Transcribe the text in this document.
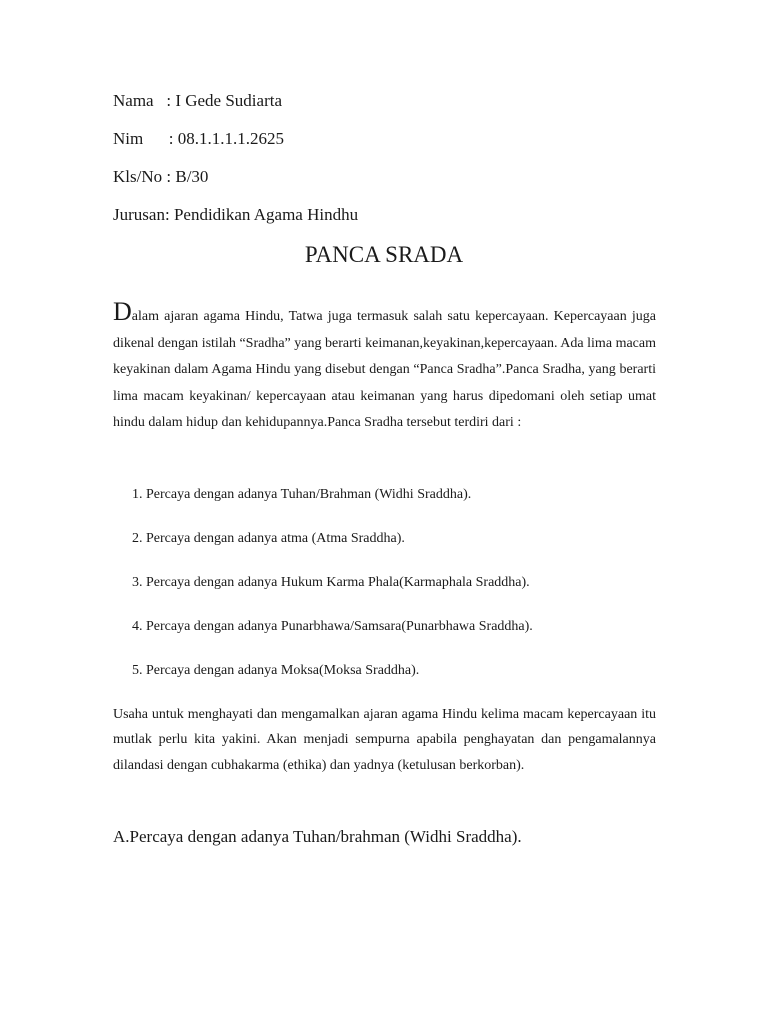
Nama   : I Gede Sudiarta
Nim      : 08.1.1.1.1.2625
Kls/No : B/30
Jurusan: Pendidikan Agama Hindhu
PANCA SRADA

Dalam ajaran agama Hindu, Tatwa juga termasuk salah satu kepercayaan. Kepercayaan juga dikenal dengan istilah “Sradha” yang berarti keimanan,keyakinan,kepercayaan. Ada lima macam keyakinan dalam Agama Hindu yang disebut dengan “Panca Sradha”.Panca Sradha, yang berarti lima macam keyakinan/ kepercayaan atau keimanan yang harus dipedomani oleh setiap umat hindu dalam hidup dan kehidupannya.Panca Sradha tersebut terdiri dari :

1. Percaya dengan adanya Tuhan/Brahman (Widhi Sraddha).
2. Percaya dengan adanya atma (Atma Sraddha).
3. Percaya dengan adanya Hukum Karma Phala(Karmaphala Sraddha).
4. Percaya dengan adanya Punarbhawa/Samsara(Punarbhawa Sraddha).
5. Percaya dengan adanya Moksa(Moksa Sraddha).

Usaha untuk menghayati dan mengamalkan ajaran agama Hindu kelima macam kepercayaan itu mutlak perlu kita yakini. Akan menjadi sempurna apabila penghayatan dan pengamalannya dilandasi dengan cubhakarma (ethika) dan yadnya (ketulusan berkorban).

A.Percaya dengan adanya Tuhan/brahman (Widhi Sraddha).
